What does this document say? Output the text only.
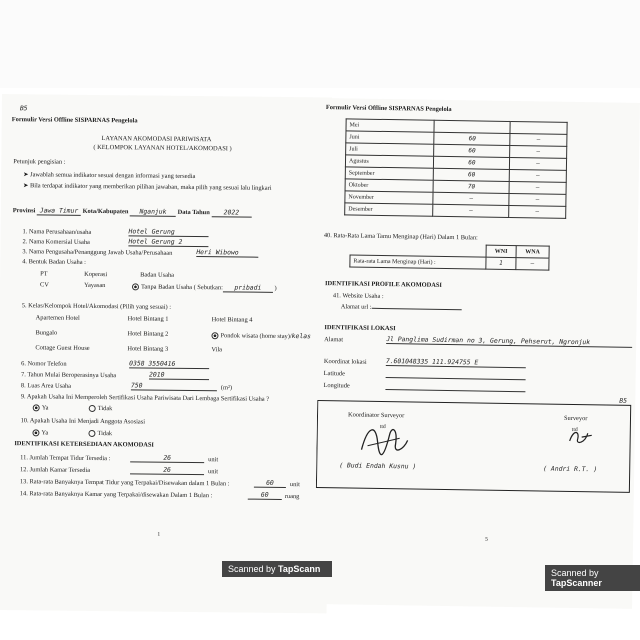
B5
Formulir Versi Offline SISPARNAS Pengelola
LAYANAN AKOMODASI PARIWISATA
( KELOMPOK LAYANAN HOTEL/AKOMODASI )
Petunjuk pengisian :
➤ Jawablah semua indikator sesuai dengan informasi yang tersedia
➤ Bila terdapat indikator yang memberikan pilihan jawaban, maka pilih yang sesuai lalu lingkari
Provinsi Jawa Timur Kota/Kabupaten Nganjuk Data Tahun 2022
1. Nama Perusahaan/usaha	Hotel Gerung
2. Nama Komersial Usaha	Hotel Gerung 2
3. Nama Pengusaha/Penanggung Jawab Usaha/Perusahaan	Heri Wibowo
4. Bentuk Badan Usaha :
PT	Koperasi	Badan Usaha
CV	Yayasan	Tanpa Badan Usaha ( Sebutkan: pribadi )
5. Kelas/Kelompok Hotel/Akomodasi (Pilih yang sesuai) :
Apartemen Hotel	Hotel Bintang 1	Hotel Bintang 4
Bungalo	Hotel Bintang 2	Pondok wisata (home stay)/kelas
Cottage Guest House	Hotel Bintang 3	Vila
6. Nomor Telefon	0358 3550416
7. Tahun Mulai Beroperasinya Usaha	2010
8. Luas Area Usaha	750	(m²)
9. Apakah Usaha Ini Memperoleh Sertifikasi Usaha Pariwisata Dari Lembaga Sertifikasi Usaha ?
Ya	Tidak
10. Apakah Usaha Ini Menjadi Anggota Asosiasi
Ya	Tidak
IDENTIFIKASI KETERSEDIAAN AKOMODASI
11. Jumlah Tempat Tidur Tersedia :	26	unit
12. Jumlah Kamar Tersedia	26	unit
13. Rata-rata Banyaknya Tempat Tidur yang Terpakai/Disewakan dalam 1 Bulan :	60	unit
14. Rata-rata Banyaknya Kamar yang Terpakai/disewakan Dalam 1 Bulan :	60	ruang
1
Formulir Versi Offline SISPARNAS Pengelola
Mei		
Juni	60	–
Juli	60	–
Agustus	60	–
September	60	–
Oktober	70	–
November	–	–
Desember	–	–
40. Rata-Rata Lama Tamu Menginap (Hari) Dalam 1 Bulan:
	WNI	WNA
Rata-rata Lama Menginap (Hari) :	1	–
IDENTIFIKASI PROFILE AKOMODASI
41. Website Usaha :
Alamat url :
IDENTIFIKASI LOKASI
Alamat	Jl Panglima Sudirman no 3, Gerung, Pehserut, Ngronjuk
Koordinat lokasi	7.601048335 111.924755 E
Latitude
Longitude
B5
Koordinator Surveyor	Surveyor
ttd	ttd
( Budi Endah Kusnu )	( Andri R.T. )
5
Scanned by TapScann	Scanned by TapScanner
